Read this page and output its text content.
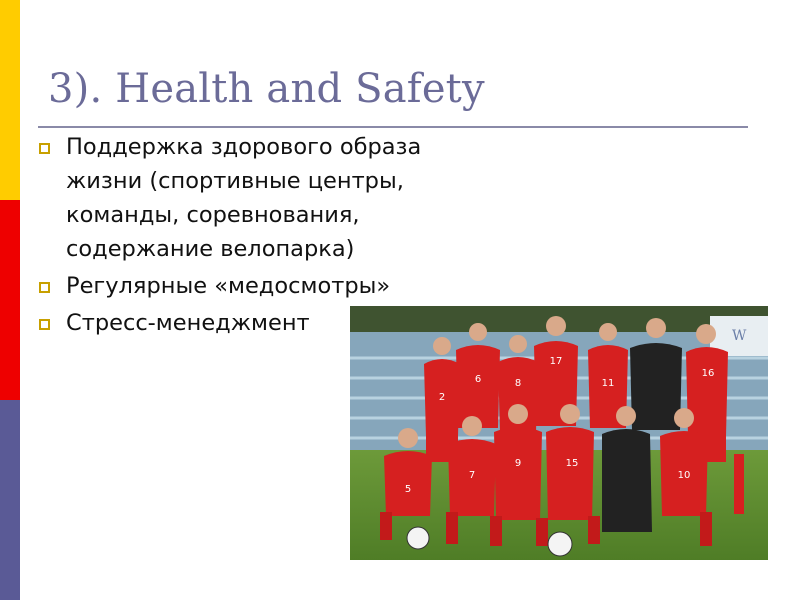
3). Health and Safety
Поддержка здорового образа жизни (спортивные центры, команды, соревнования, содержание велопарка)
Регулярные «медосмотры»
Стресс-менеджмент	W
2
6	8
17
11
16
5
7
9	15
10
